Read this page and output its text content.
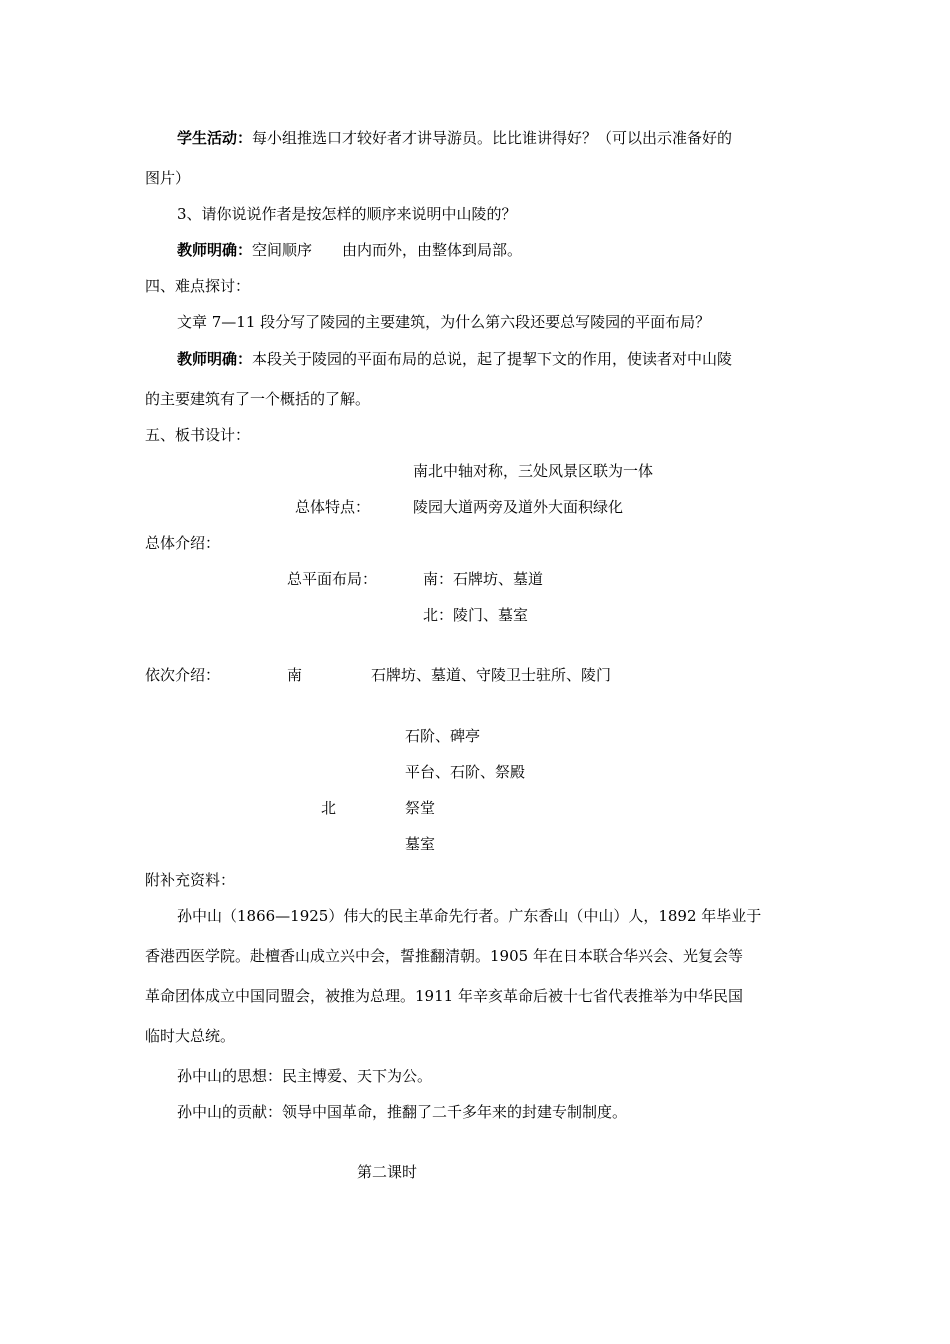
学生活动：每小组推选口才较好者才讲导游员。比比谁讲得好？（可以出示准备好的
图片）
3、请你说说作者是按怎样的顺序来说明中山陵的？
教师明确：空间顺序 由内而外，由整体到局部。
四、难点探讨：
文章 7—11 段分写了陵园的主要建筑，为什么第六段还要总写陵园的平面布局？
教师明确：本段关于陵园的平面布局的总说，起了提挈下文的作用，使读者对中山陵
的主要建筑有了一个概括的了解。
五、板书设计：
南北中轴对称，三处风景区联为一体
总体特点：	陵园大道两旁及道外大面积绿化
总体介绍：
总平面布局：	南：石牌坊、墓道
北：陵门、墓室
依次介绍：	南	石牌坊、墓道、守陵卫士驻所、陵门
石阶、碑亭
平台、石阶、祭殿
北	祭堂
墓室
附补充资料：
孙中山（1866—1925）伟大的民主革命先行者。广东香山（中山）人，1892 年毕业于
香港西医学院。赴檀香山成立兴中会，誓推翻清朝。1905 年在日本联合华兴会、光复会等
革命团体成立中国同盟会，被推为总理。1911 年辛亥革命后被十七省代表推举为中华民国
临时大总统。
孙中山的思想：民主博爱、天下为公。
孙中山的贡献：领导中国革命，推翻了二千多年来的封建专制制度。
第二课时
